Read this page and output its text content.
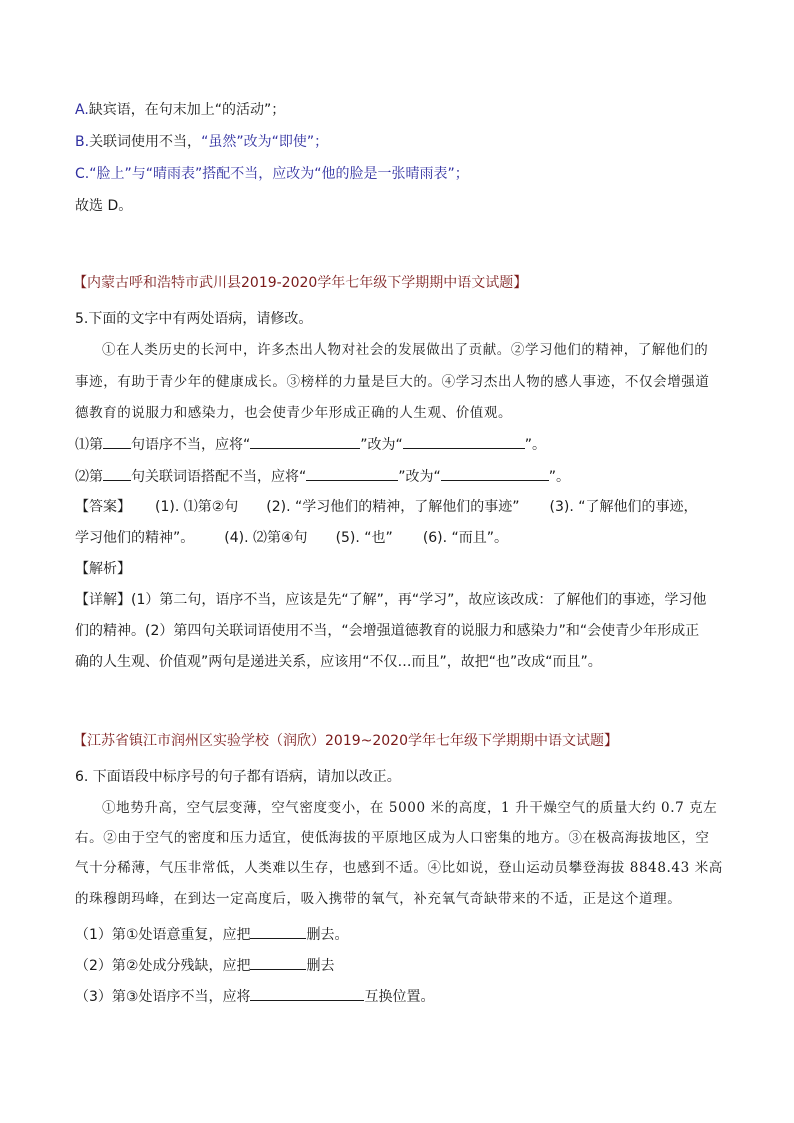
A.缺宾语，在句末加上“的活动”；
B.关联词使用不当，“虽然”改为“即使”；
C.“脸上”与“晴雨表”搭配不当，应改为“他的脸是一张晴雨表”；
故选 D。
【内蒙古呼和浩特市武川县2019-2020学年七年级下学期期中语文试题】
5.下面的文字中有两处语病，请修改。
①在人类历史的长河中，许多杰出人物对社会的发展做出了贡献。②学习他们的精神，了解他们的
事迹，有助于青少年的健康成长。③榜样的力量是巨大的。④学习杰出人物的感人事迹，不仅会增强道
德教育的说服力和感染力，也会使青少年形成正确的人生观、价值观。
⑴第 句语序不当，应将“	”改为“	”。
⑵第 句关联词语搭配不当，应将“	”改为“	”。
【答案】 (1). ⑴第②句 (2). “学习他们的精神，了解他们的事迹” (3). “了解他们的事迹，
学习他们的精神”。 (4). ⑵第④句 (5). “也” (6). “而且”。
【解析】
【详解】(1）第二句，语序不当，应该是先“了解”，再“学习”，故应该改成：了解他们的事迹，学习他
们的精神。(2）第四句关联词语使用不当，“会增强道德教育的说服力和感染力”和“会使青少年形成正
确的人生观、价值观”两句是递进关系，应该用“不仅…而且”，故把“也”改成“而且”。
【江苏省镇江市润州区实验学校（润欣）2019~2020学年七年级下学期期中语文试题】
6. 下面语段中标序号的句子都有语病，请加以改正。
①地势升高，空气层变薄，空气密度变小，在 5000 米的高度，1 升干燥空气的质量大约 0.7 克左
右。②由于空气的密度和压力适宜，使低海拔的平原地区成为人口密集的地方。③在极高海拔地区，空
气十分稀薄，气压非常低，人类难以生存，也感到不适。④比如说，登山运动员攀登海拔 8848.43 米高
的珠穆朗玛峰，在到达一定高度后，吸入携带的氧气，补充氧气奇缺带来的不适，正是这个道理。
（1）第①处语意重复，应把	删去。
（2）第②处成分残缺，应把	删去
（3）第③处语序不当，应将	互换位置。
